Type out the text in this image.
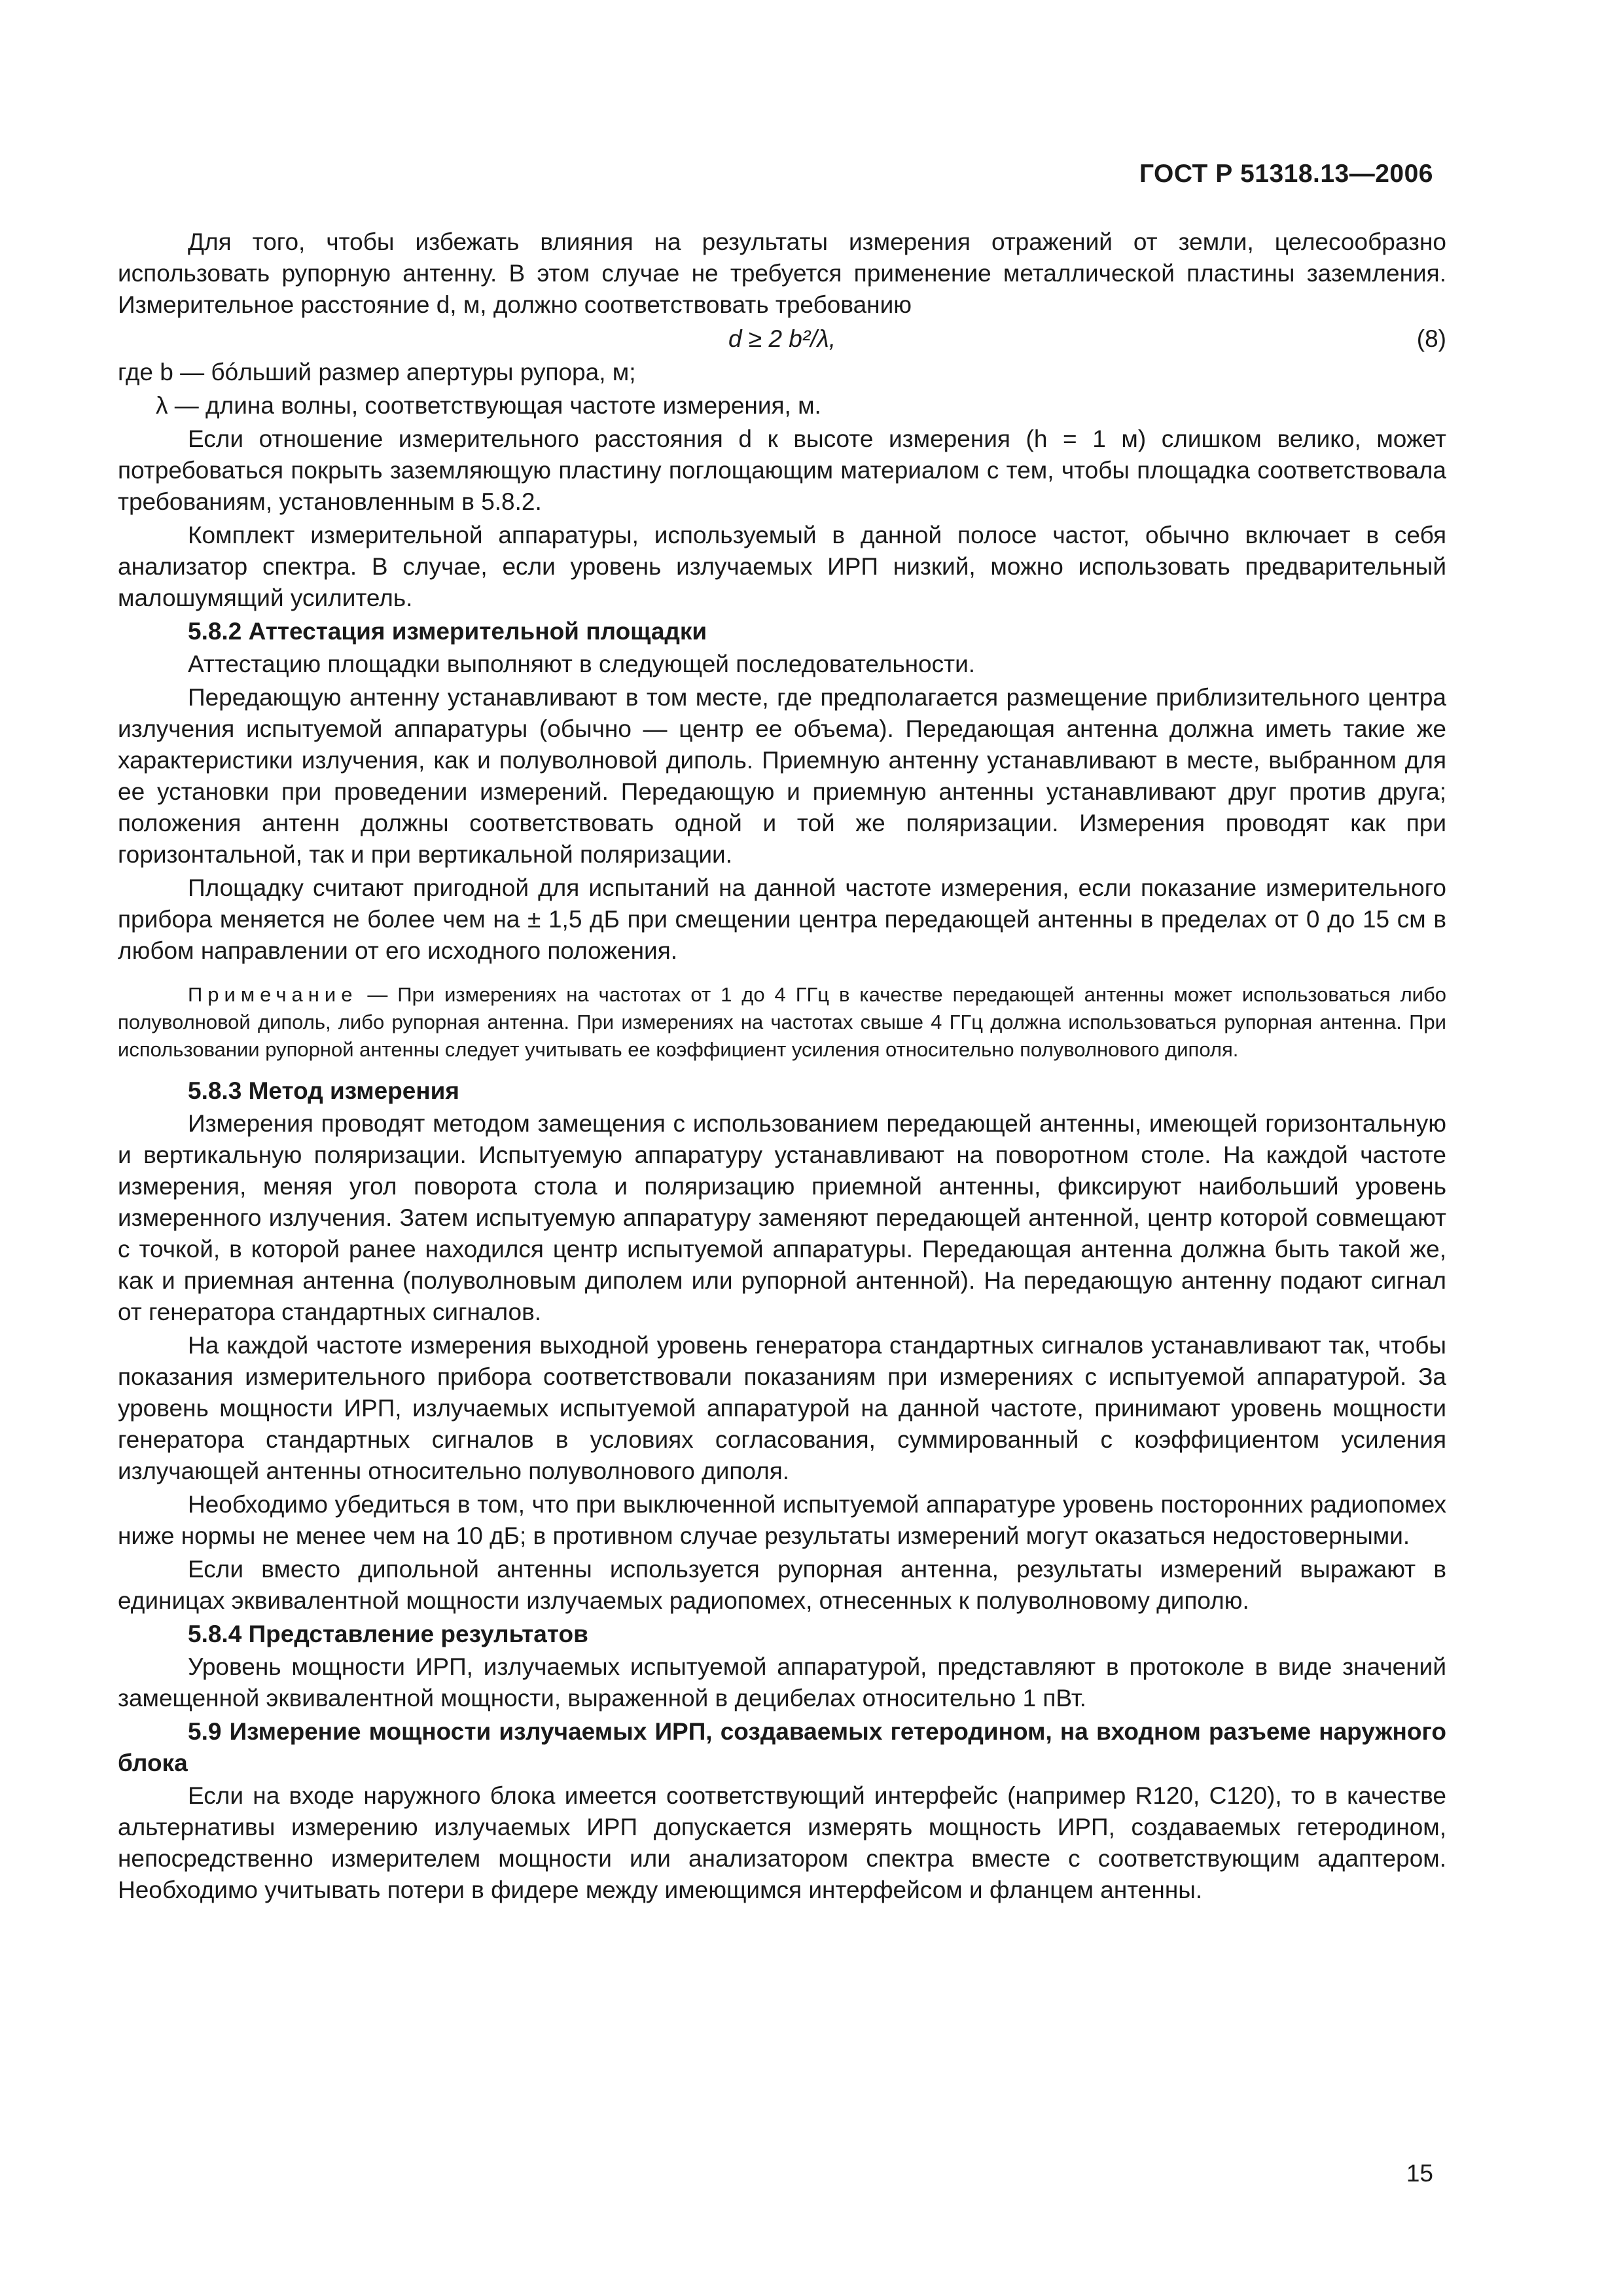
ГОСТ Р 51318.13—2006

Для того, чтобы избежать влияния на результаты измерения отражений от земли, целесообразно использовать рупорную антенну. В этом случае не требуется применение металлической пластины заземления. Измерительное расстояние d, м, должно соответствовать требованию

d ≥ 2 b²/λ,	(8)

где b — бóльший размер апертуры рупора, м;

λ — длина волны, соответствующая частоте измерения, м.

Если отношение измерительного расстояния d к высоте измерения (h = 1 м) слишком велико, может потребоваться покрыть заземляющую пластину поглощающим материалом с тем, чтобы площадка соответствовала требованиям, установленным в 5.8.2.

Комплект измерительной аппаратуры, используемый в данной полосе частот, обычно включает в себя анализатор спектра. В случае, если уровень излучаемых ИРП низкий, можно использовать предварительный малошумящий усилитель.

5.8.2 Аттестация измерительной площадки

Аттестацию площадки выполняют в следующей последовательности.

Передающую антенну устанавливают в том месте, где предполагается размещение приблизительного центра излучения испытуемой аппаратуры (обычно — центр ее объема). Передающая антенна должна иметь такие же характеристики излучения, как и полуволновой диполь. Приемную антенну устанавливают в месте, выбранном для ее установки при проведении измерений. Передающую и приемную антенны устанавливают друг против друга; положения антенн должны соответствовать одной и той же поляризации. Измерения проводят как при горизонтальной, так и при вертикальной поляризации.

Площадку считают пригодной для испытаний на данной частоте измерения, если показание измерительного прибора меняется не более чем на ± 1,5 дБ при смещении центра передающей антенны в пределах от 0 до 15 см в любом направлении от его исходного положения.

Примечание — При измерениях на частотах от 1 до 4 ГГц в качестве передающей антенны может использоваться либо полуволновой диполь, либо рупорная антенна. При измерениях на частотах свыше 4 ГГц должна использоваться рупорная антенна. При использовании рупорной антенны следует учитывать ее коэффициент усиления относительно полуволнового диполя.

5.8.3 Метод измерения

Измерения проводят методом замещения с использованием передающей антенны, имеющей горизонтальную и вертикальную поляризации. Испытуемую аппаратуру устанавливают на поворотном столе. На каждой частоте измерения, меняя угол поворота стола и поляризацию приемной антенны, фиксируют наибольший уровень измеренного излучения. Затем испытуемую аппаратуру заменяют передающей антенной, центр которой совмещают с точкой, в которой ранее находился центр испытуемой аппаратуры. Передающая антенна должна быть такой же, как и приемная антенна (полуволновым диполем или рупорной антенной). На передающую антенну подают сигнал от генератора стандартных сигналов.

На каждой частоте измерения выходной уровень генератора стандартных сигналов устанавливают так, чтобы показания измерительного прибора соответствовали показаниям при измерениях с испытуемой аппаратурой. За уровень мощности ИРП, излучаемых испытуемой аппаратурой на данной частоте, принимают уровень мощности генератора стандартных сигналов в условиях согласования, суммированный с коэффициентом усиления излучающей антенны относительно полуволнового диполя.

Необходимо убедиться в том, что при выключенной испытуемой аппаратуре уровень посторонних радиопомех ниже нормы не менее чем на 10 дБ; в противном случае результаты измерений могут оказаться недостоверными.

Если вместо дипольной антенны используется рупорная антенна, результаты измерений выражают в единицах эквивалентной мощности излучаемых радиопомех, отнесенных к полуволновому диполю.

5.8.4 Представление результатов

Уровень мощности ИРП, излучаемых испытуемой аппаратурой, представляют в протоколе в виде значений замещенной эквивалентной мощности, выраженной в децибелах относительно 1 пВт.

5.9 Измерение мощности излучаемых ИРП, создаваемых гетеродином, на входном разъеме наружного блока

Если на входе наружного блока имеется соответствующий интерфейс (например R120, C120), то в качестве альтернативы измерению излучаемых ИРП допускается измерять мощность ИРП, создаваемых гетеродином, непосредственно измерителем мощности или анализатором спектра вместе с соответствующим адаптером. Необходимо учитывать потери в фидере между имеющимся интерфейсом и фланцем антенны.

15
